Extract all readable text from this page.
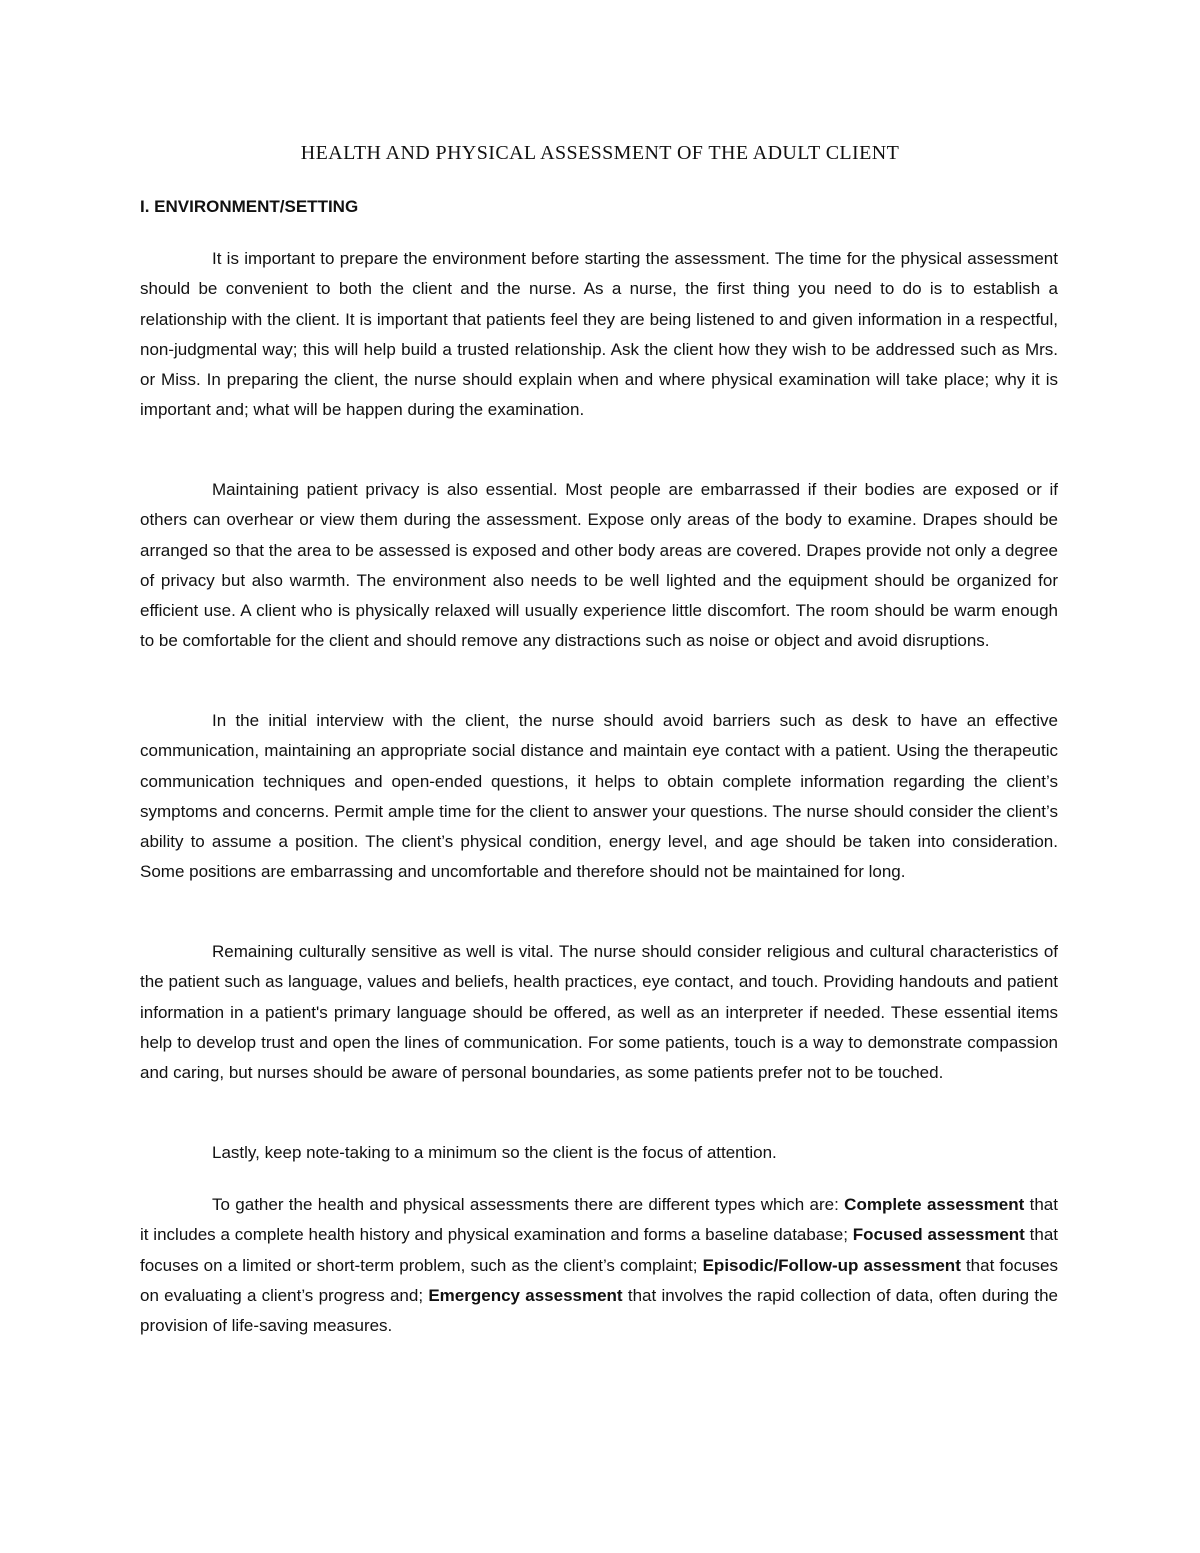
HEALTH AND PHYSICAL ASSESSMENT OF THE ADULT CLIENT
I. ENVIRONMENT/SETTING

It is important to prepare the environment before starting the assessment. The time for the physical assessment should be convenient to both the client and the nurse. As a nurse, the first thing you need to do is to establish a relationship with the client. It is important that patients feel they are being listened to and given information in a respectful, non-judgmental way; this will help build a trusted relationship. Ask the client how they wish to be addressed such as Mrs. or Miss. In preparing the client, the nurse should explain when and where physical examination will take place; why it is important and; what will be happen during the examination.

Maintaining patient privacy is also essential. Most people are embarrassed if their bodies are exposed or if others can overhear or view them during the assessment. Expose only areas of the body to examine. Drapes should be arranged so that the area to be assessed is exposed and other body areas are covered. Drapes provide not only a degree of privacy but also warmth. The environment also needs to be well lighted and the equipment should be organized for efficient use. A client who is physically relaxed will usually experience little discomfort. The room should be warm enough to be comfortable for the client and should remove any distractions such as noise or object and avoid disruptions.

In the initial interview with the client, the nurse should avoid barriers such as desk to have an effective communication, maintaining an appropriate social distance and maintain eye contact with a patient. Using the therapeutic communication techniques and open-ended questions, it helps to obtain complete information regarding the client’s symptoms and concerns. Permit ample time for the client to answer your questions. The nurse should consider the client’s ability to assume a position. The client’s physical condition, energy level, and age should be taken into consideration. Some positions are embarrassing and uncomfortable and therefore should not be maintained for long.

Remaining culturally sensitive as well is vital. The nurse should consider religious and cultural characteristics of the patient such as language, values and beliefs, health practices, eye contact, and touch. Providing handouts and patient information in a patient's primary language should be offered, as well as an interpreter if needed. These essential items help to develop trust and open the lines of communication. For some patients, touch is a way to demonstrate compassion and caring, but nurses should be aware of personal boundaries, as some patients prefer not to be touched.

Lastly, keep note-taking to a minimum so the client is the focus of attention.

To gather the health and physical assessments there are different types which are: Complete assessment that it includes a complete health history and physical examination and forms a baseline database; Focused assessment that focuses on a limited or short-term problem, such as the client’s complaint; Episodic/Follow-up assessment that focuses on evaluating a client’s progress and; Emergency assessment that involves the rapid collection of data, often during the provision of life-saving measures.
